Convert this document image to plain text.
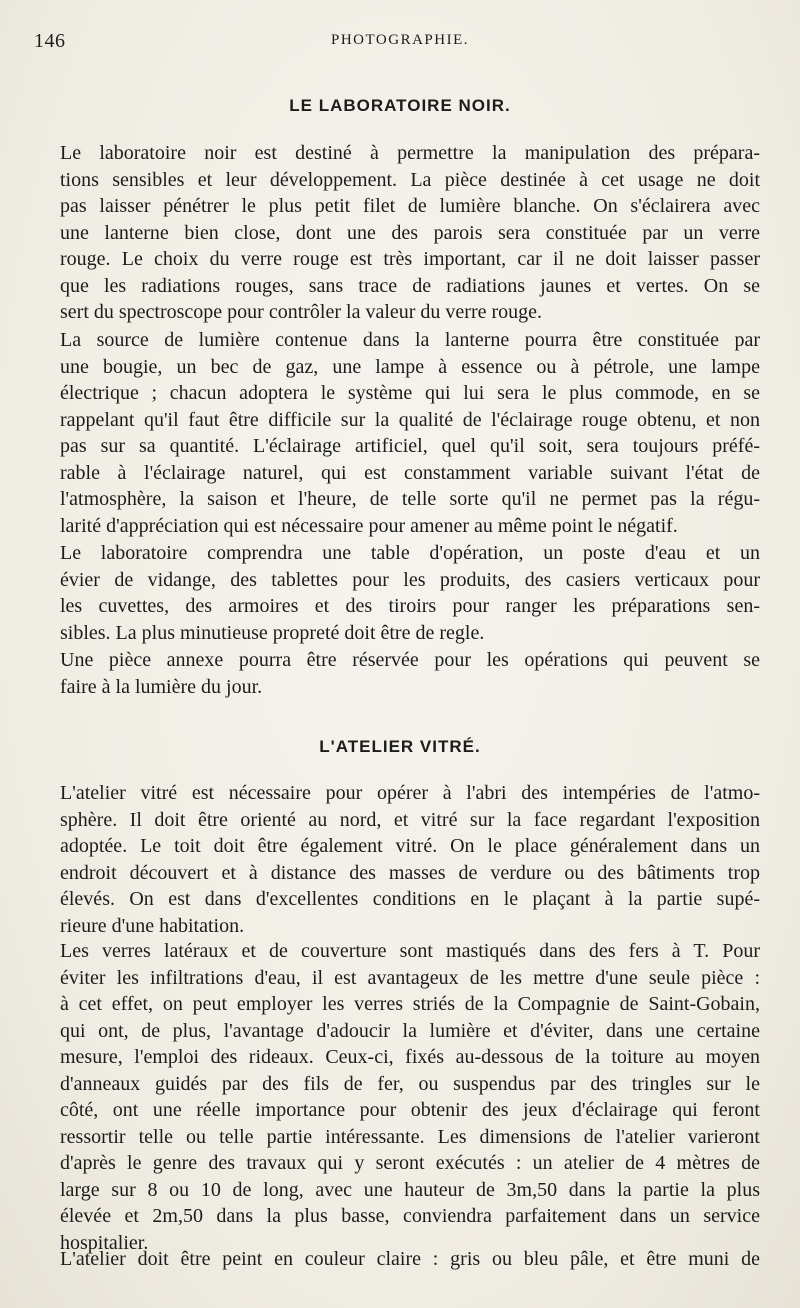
146	PHOTOGRAPHIE.
LE LABORATOIRE NOIR.
Le laboratoire noir est destiné à permettre la manipulation des prépara-
tions sensibles et leur développement. La pièce destinée à cet usage ne doit
pas laisser pénétrer le plus petit filet de lumière blanche. On s'éclairera avec
une lanterne bien close, dont une des parois sera constituée par un verre
rouge. Le choix du verre rouge est très important, car il ne doit laisser passer
que les radiations rouges, sans trace de radiations jaunes et vertes. On se
sert du spectroscope pour contrôler la valeur du verre rouge.
La source de lumière contenue dans la lanterne pourra être constituée par
une bougie, un bec de gaz, une lampe à essence ou à pétrole, une lampe
électrique ; chacun adoptera le système qui lui sera le plus commode, en se
rappelant qu'il faut être difficile sur la qualité de l'éclairage rouge obtenu, et non
pas sur sa quantité. L'éclairage artificiel, quel qu'il soit, sera toujours préfé-
rable à l'éclairage naturel, qui est constamment variable suivant l'état de
l'atmosphère, la saison et l'heure, de telle sorte qu'il ne permet pas la régu-
larité d'appréciation qui est nécessaire pour amener au même point le négatif.
Le laboratoire comprendra une table d'opération, un poste d'eau et un
évier de vidange, des tablettes pour les produits, des casiers verticaux pour
les cuvettes, des armoires et des tiroirs pour ranger les préparations sen-
sibles. La plus minutieuse propreté doit être de regle.
Une pièce annexe pourra être réservée pour les opérations qui peuvent se
faire à la lumière du jour.
L'ATELIER VITRÉ.
L'atelier vitré est nécessaire pour opérer à l'abri des intempéries de l'atmo-
sphère. Il doit être orienté au nord, et vitré sur la face regardant l'exposition
adoptée. Le toit doit être également vitré. On le place généralement dans un
endroit découvert et à distance des masses de verdure ou des bâtiments trop
élevés. On est dans d'excellentes conditions en le plaçant à la partie supé-
rieure d'une habitation.
Les verres latéraux et de couverture sont mastiqués dans des fers à T. Pour
éviter les infiltrations d'eau, il est avantageux de les mettre d'une seule pièce :
à cet effet, on peut employer les verres striés de la Compagnie de Saint-Gobain,
qui ont, de plus, l'avantage d'adoucir la lumière et d'éviter, dans une certaine
mesure, l'emploi des rideaux. Ceux-ci, fixés au-dessous de la toiture au moyen
d'anneaux guidés par des fils de fer, ou suspendus par des tringles sur le
côté, ont une réelle importance pour obtenir des jeux d'éclairage qui feront
ressortir telle ou telle partie intéressante. Les dimensions de l'atelier varieront
d'après le genre des travaux qui y seront exécutés : un atelier de 4 mètres de
large sur 8 ou 10 de long, avec une hauteur de 3m,50 dans la partie la plus
élevée et 2m,50 dans la plus basse, conviendra parfaitement dans un service
hospitalier.
L'atelier doit être peint en couleur claire : gris ou bleu pâle, et être muni de
